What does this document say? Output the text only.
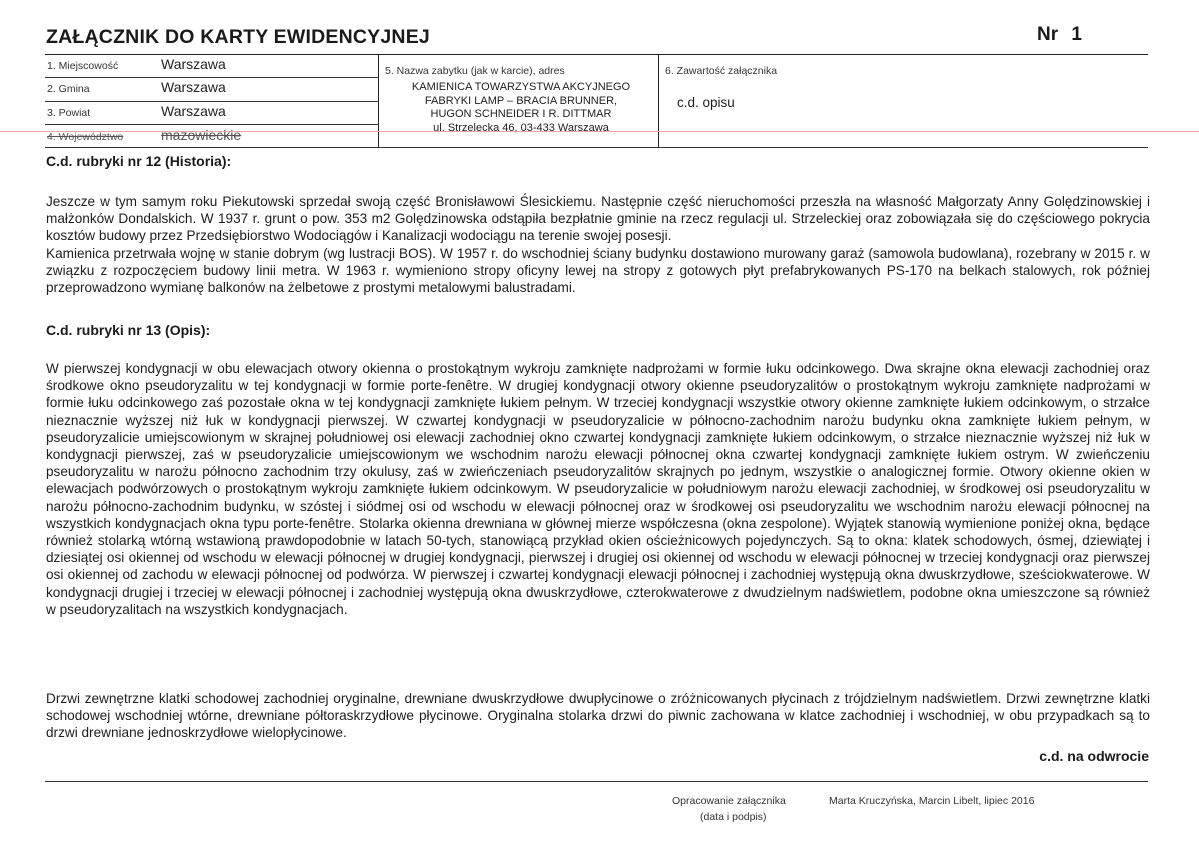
ZAŁĄCZNIK DO KARTY EWIDENCYJNEJ	Nr 1
1. Miejscowość	Warszawa
2. Gmina	Warszawa
3. Powiat	Warszawa
4. Województwo	mazowieckie
5. Nazwa zabytku (jak w karcie), adres
KAMIENICA TOWARZYSTWA AKCYJNEGO
FABRYKI LAMP – BRACIA BRUNNER,
HUGON SCHNEIDER I R. DITTMAR
ul. Strzelecka 46, 03-433 Warszawa
6. Zawartość załącznika
c.d. opisu
C.d. rubryki nr 12 (Historia):
Jeszcze w tym samym roku Piekutowski sprzedał swoją część Bronisławowi Ślesickiemu. Następnie część nieruchomości przeszła na własność Małgorzaty Anny Golędzinowskiej i małżonków Dondalskich. W 1937 r. grunt o pow. 353 m2 Golędzinowska odstąpiła bezpłatnie gminie na rzecz regulacji ul. Strzeleckiej oraz zobowiązała się do częściowego pokrycia kosztów budowy przez Przedsiębiorstwo Wodociągów i Kanalizacji wodociągu na terenie swojej posesji.
Kamienica przetrwała wojnę w stanie dobrym (wg lustracji BOS). W 1957 r. do wschodniej ściany budynku dostawiono murowany garaż (samowola budowlana), rozebrany w 2015 r. w związku z rozpoczęciem budowy linii metra. W 1963 r. wymieniono stropy oficyny lewej na stropy z gotowych płyt prefabrykowanych PS-170 na belkach stalowych, rok później przeprowadzono wymianę balkonów na żelbetowe z prostymi metalowymi balustradami.
C.d. rubryki nr 13 (Opis):
W pierwszej kondygnacji w obu elewacjach otwory okienna o prostokątnym wykroju zamknięte nadprożami w formie łuku odcinkowego. Dwa skrajne okna elewacji zachodniej oraz środkowe okno pseudoryzalitu w tej kondygnacji w formie porte-fenêtre. W drugiej kondygnacji otwory okienne pseudoryzalitów o prostokątnym wykroju zamknięte nadprożami w formie łuku odcinkowego zaś pozostałe okna w tej kondygnacji zamknięte łukiem pełnym. W trzeciej kondygnacji wszystkie otwory okienne zamknięte łukiem odcinkowym, o strzałce nieznacznie wyższej niż łuk w kondygnacji pierwszej. W czwartej kondygnacji w pseudoryzalicie w północno-zachodnim narożu budynku okna zamknięte łukiem pełnym, w pseudoryzalicie umiejscowionym w skrajnej południowej osi elewacji zachodniej okno czwartej kondygnacji zamknięte łukiem odcinkowym, o strzałce nieznacznie wyższej niż łuk w kondygnacji pierwszej, zaś w pseudoryzalicie umiejscowionym we wschodnim narożu elewacji północnej okna czwartej kondygnacji zamknięte łukiem ostrym. W zwieńczeniu pseudoryzalitu w narożu północno zachodnim trzy okulusy, zaś w zwieńczeniach pseudoryzalitów skrajnych po jednym, wszystkie o analogicznej formie. Otwory okienne okien w elewacjach podwórzowych o prostokątnym wykroju zamknięte łukiem odcinkowym. W pseudoryzalicie w południowym narożu elewacji zachodniej, w środkowej osi pseudoryzalitu w narożu północno-zachodnim budynku, w szóstej i siódmej osi od wschodu w elewacji północnej oraz w środkowej osi pseudoryzalitu we wschodnim narożu elewacji północnej na wszystkich kondygnacjach okna typu porte-fenêtre. Stolarka okienna drewniana w głównej mierze współczesna (okna zespolone). Wyjątek stanowią wymienione poniżej okna, będące również stolarką wtórną wstawioną prawdopodobnie w latach 50-tych, stanowiącą przykład okien ościeżnicowych pojedynczych. Są to okna: klatek schodowych, ósmej, dziewiątej i dziesiątej osi okiennej od wschodu w elewacji północnej w drugiej kondygnacji, pierwszej i drugiej osi okiennej od wschodu w elewacji północnej w trzeciej kondygnacji oraz pierwszej osi okiennej od zachodu w elewacji północnej od podwórza. W pierwszej i czwartej kondygnacji elewacji północnej i zachodniej występują okna dwuskrzydłowe, sześciokwaterowe. W kondygnacji drugiej i trzeciej w elewacji północnej i zachodniej występują okna dwuskrzydłowe, czterokwaterowe z dwudzielnym nadświetlem, podobne okna umieszczone są również w pseudoryzalitach na wszystkich kondygnacjach.
Drzwi zewnętrzne klatki schodowej zachodniej oryginalne, drewniane dwuskrzydłowe dwupłycinowe o zróżnicowanych płycinach z trójdzielnym nadświetlem. Drzwi zewnętrzne klatki schodowej wschodniej wtórne, drewniane półtoraskrzydłowe płycinowe. Oryginalna stolarka drzwi do piwnic zachowana w klatce zachodniej i wschodniej, w obu przypadkach są to drzwi drewniane jednoskrzydłowe wielopłycinowe.
c.d. na odwrocie
Opracowanie załącznika
(data i podpis)
Marta Kruczyńska, Marcin Libelt, lipiec 2016
